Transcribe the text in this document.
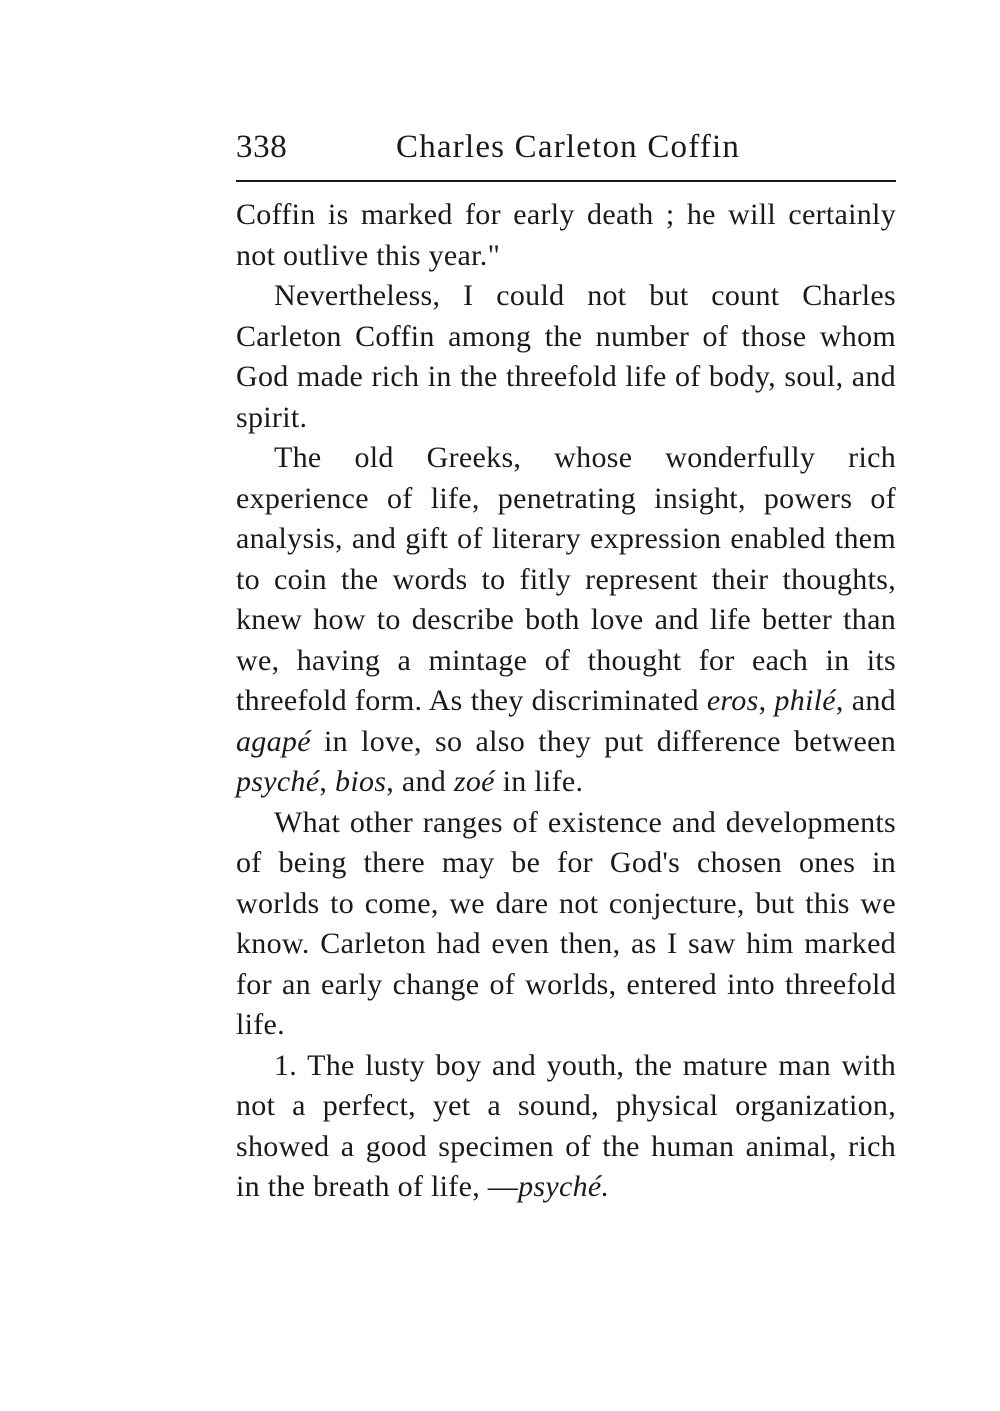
338	Charles Carleton Coffin

Coffin is marked for early death ; he will certainly not outlive this year."

Nevertheless, I could not but count Charles Carleton Coffin among the number of those whom God made rich in the threefold life of body, soul, and spirit.

The old Greeks, whose wonderfully rich experience of life, penetrating insight, powers of analysis, and gift of literary expression enabled them to coin the words to fitly represent their thoughts, knew how to describe both love and life better than we, having a mintage of thought for each in its threefold form. As they discriminated eros, philé, and agapé in love, so also they put difference between psyché, bios, and zoé in life.

What other ranges of existence and developments of being there may be for God's chosen ones in worlds to come, we dare not conjecture, but this we know. Carleton had even then, as I saw him marked for an early change of worlds, entered into threefold life.

1. The lusty boy and youth, the mature man with not a perfect, yet a sound, physical organization, showed a good specimen of the human animal, rich in the breath of life, —psyché.
